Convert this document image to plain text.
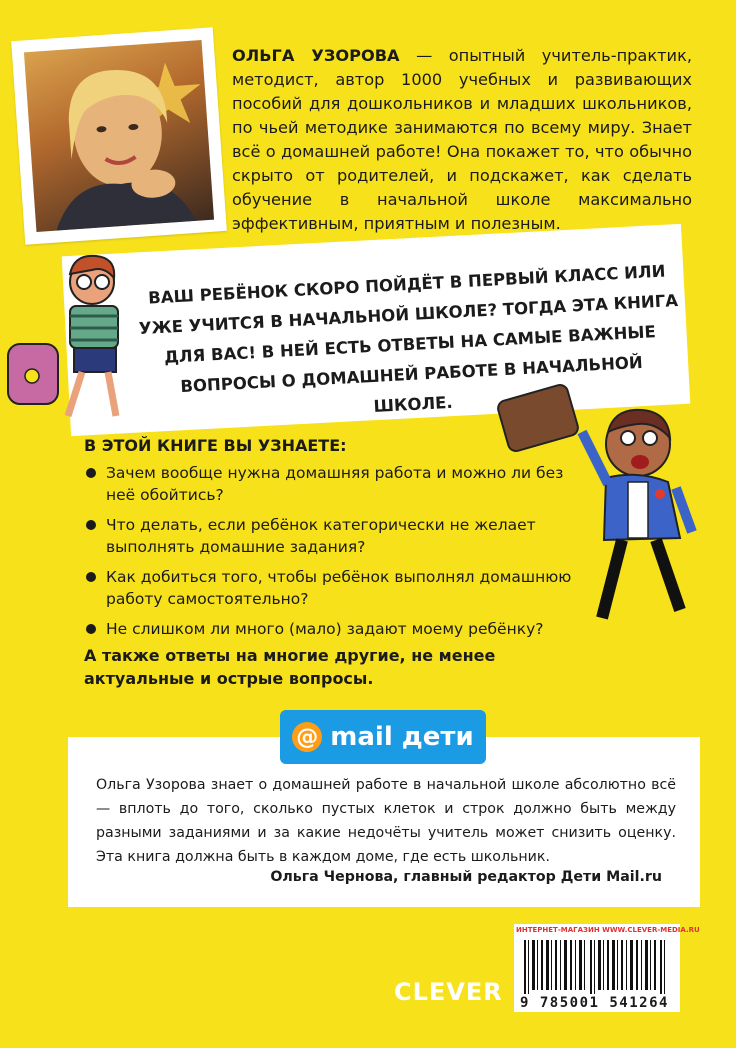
ОЛЬГА УЗОРОВА — опытный учитель-практик, методист, автор 1000 учебных и развивающих пособий для дошкольников и младших школьников, по чьей методике занимаются по всему миру. Знает всё о домашней работе! Она покажет то, что обычно скрыто от родителей, и подскажет, как сделать обучение в начальной школе максимально эффективным, приятным и полезным.
ВАШ РЕБЁНОК СКОРО ПОЙДЁТ В ПЕРВЫЙ КЛАСС ИЛИ УЖЕ УЧИТСЯ В НАЧАЛЬНОЙ ШКОЛЕ? ТОГДА ЭТА КНИГА ДЛЯ ВАС! В НЕЙ ЕСТЬ ОТВЕТЫ НА САМЫЕ ВАЖНЫЕ ВОПРОСЫ О ДОМАШНЕЙ РАБОТЕ В НАЧАЛЬНОЙ ШКОЛЕ.
В ЭТОЙ КНИГЕ ВЫ УЗНАЕТЕ:
Зачем вообще нужна домашняя работа и можно ли без неё обойтись?
Что делать, если ребёнок категорически не желает выполнять домашние задания?
Как добиться того, чтобы ребёнок выполнял домашнюю работу самостоятельно?
Не слишком ли много (мало) задают моему ребёнку?
А также ответы на многие другие, не менее актуальные и острые вопросы.
@ mail дети
Ольга Узорова знает о домашней работе в начальной школе абсолютно всё — вплоть до того, сколько пустых клеток и строк должно быть между разными заданиями и за какие недочёты учитель может снизить оценку. Эта книга должна быть в каждом доме, где есть школьник.
Ольга Чернова, главный редактор Дети Mail.ru
CLEVER
ИНТЕРНЕТ-МАГАЗИН WWW.CLEVER-MEDIA.RU
9 785001 541264
